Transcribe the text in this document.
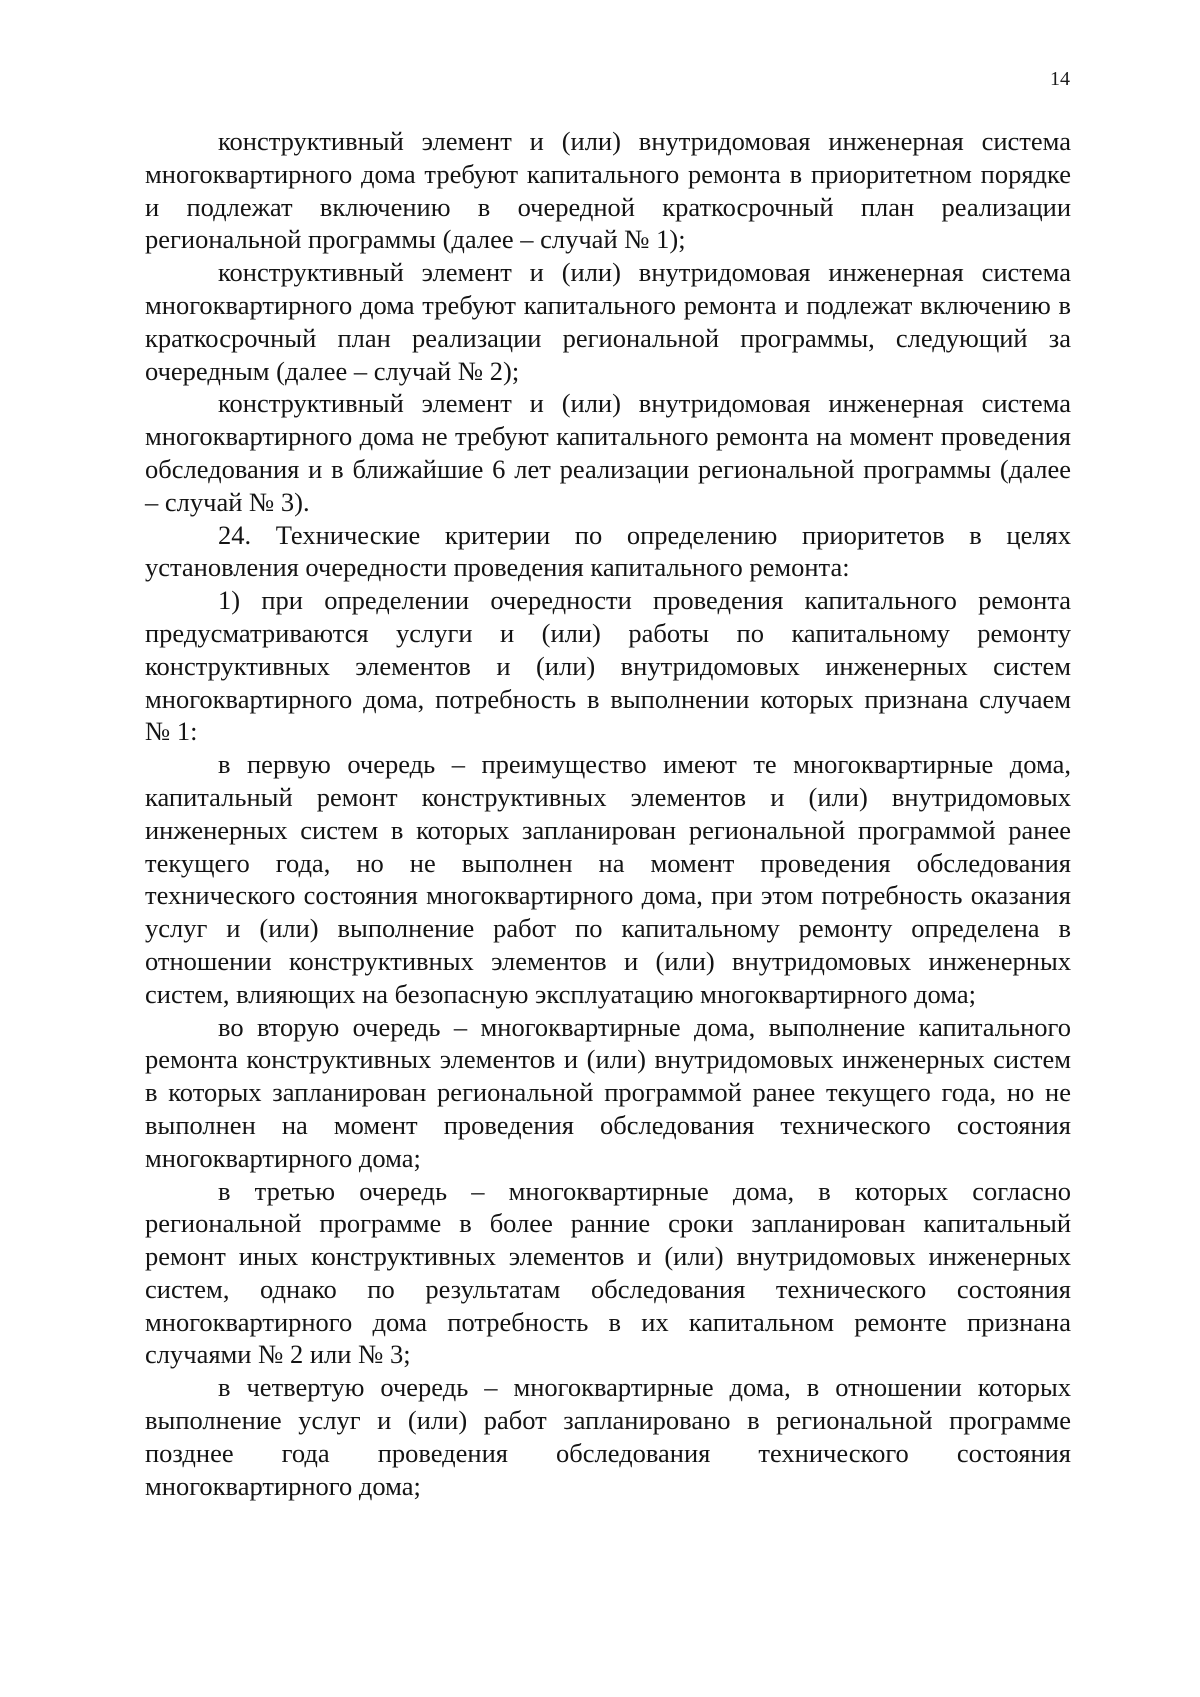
14

конструктивный элемент и (или) внутридомовая инженерная система многоквартирного дома требуют капитального ремонта в приоритетном порядке и подлежат включению в очередной краткосрочный план реализации региональной программы (далее – случай № 1);

конструктивный элемент и (или) внутридомовая инженерная система многоквартирного дома требуют капитального ремонта и подлежат включению в краткосрочный план реализации региональной программы, следующий за очередным (далее – случай № 2);

конструктивный элемент и (или) внутридомовая инженерная система многоквартирного дома не требуют капитального ремонта на момент проведения обследования и в ближайшие 6 лет реализации региональной программы (далее – случай № 3).

24. Технические критерии по определению приоритетов в целях установления очередности проведения капитального ремонта:

1) при определении очередности проведения капитального ремонта предусматриваются услуги и (или) работы по капитальному ремонту конструктивных элементов и (или) внутридомовых инженерных систем многоквартирного дома, потребность в выполнении которых признана случаем № 1:

в первую очередь – преимущество имеют те многоквартирные дома, капитальный ремонт конструктивных элементов и (или) внутридомовых инженерных систем в которых запланирован региональной программой ранее текущего года, но не выполнен на момент проведения обследования технического состояния многоквартирного дома, при этом потребность оказания услуг и (или) выполнение работ по капитальному ремонту определена в отношении конструктивных элементов и (или) внутридомовых инженерных систем, влияющих на безопасную эксплуатацию многоквартирного дома;

во вторую очередь – многоквартирные дома, выполнение капитального ремонта конструктивных элементов и (или) внутридомовых инженерных систем в которых запланирован региональной программой ранее текущего года, но не выполнен на момент проведения обследования технического состояния многоквартирного дома;

в третью очередь – многоквартирные дома, в которых согласно региональной программе в более ранние сроки запланирован капитальный ремонт иных конструктивных элементов и (или) внутридомовых инженерных систем, однако по результатам обследования технического состояния многоквартирного дома потребность в их капитальном ремонте признана случаями № 2 или № 3;

в четвертую очередь – многоквартирные дома, в отношении которых выполнение услуг и (или) работ запланировано в региональной программе позднее года проведения обследования технического состояния многоквартирного дома;
